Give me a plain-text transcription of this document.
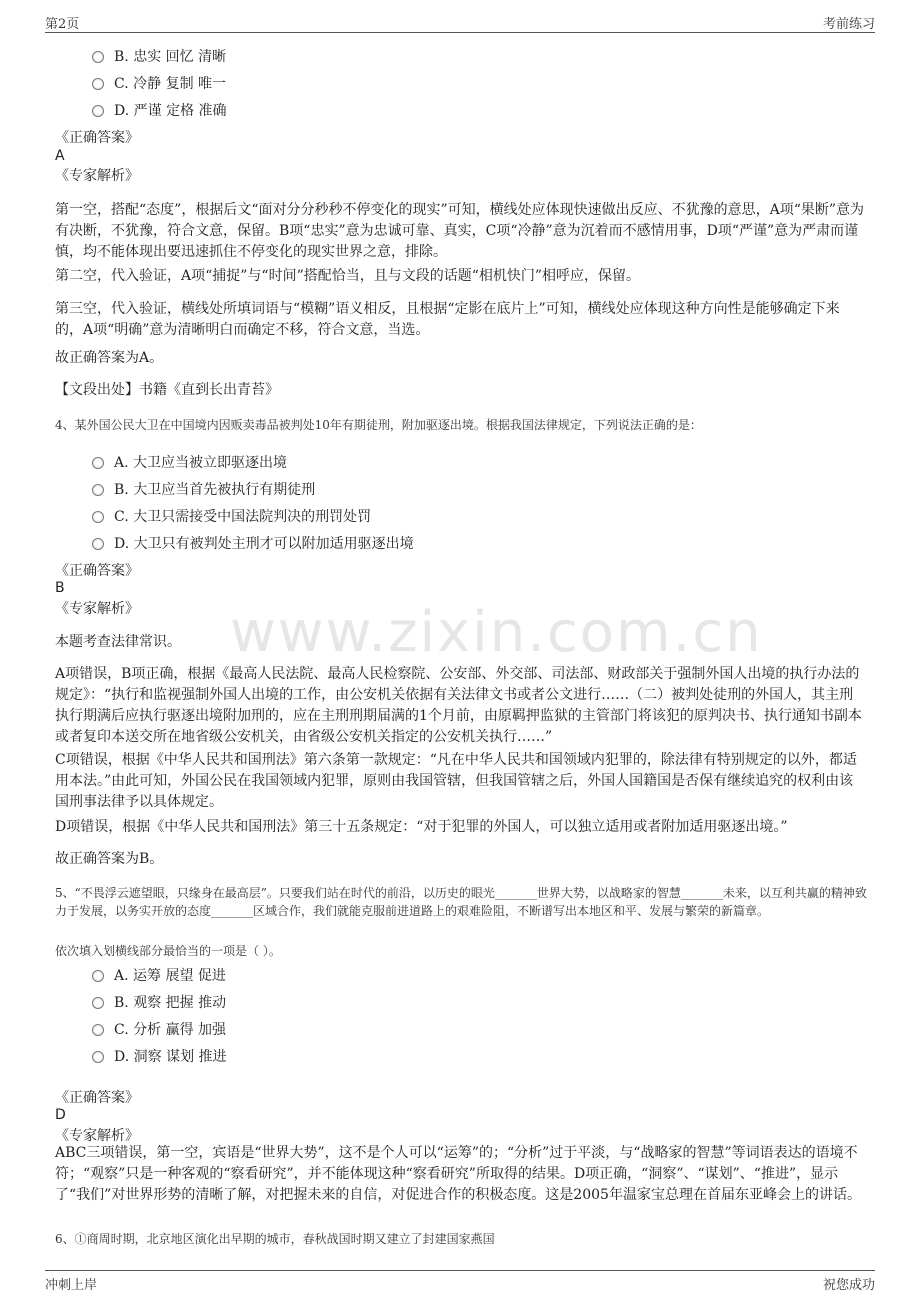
第2页	考前练习
www.zixin.com.cn
B. 忠实 回忆 清晰
C. 冷静 复制 唯一
D. 严谨 定格 准确
《正确答案》
A
《专家解析》
第一空，搭配“态度”，根据后文“面对分分秒秒不停变化的现实”可知，横线处应体现快速做出反应、不犹豫的意思，A项“果断”意为有决断，不犹豫，符合文意，保留。B项“忠实”意为忠诚可靠、真实，C项“冷静”意为沉着而不感情用事，D项“严谨”意为严肃而谨慎，均不能体现出要迅速抓住不停变化的现实世界之意，排除。
第二空，代入验证，A项“捕捉”与“时间”搭配恰当，且与文段的话题“相机快门”相呼应，保留。
第三空，代入验证，横线处所填词语与“模糊”语义相反，且根据“定影在底片上”可知，横线处应体现这种方向性是能够确定下来的，A项“明确”意为清晰明白而确定不移，符合文意，当选。
故正确答案为A。
【文段出处】书籍《直到长出青苔》
4、某外国公民大卫在中国境内因贩卖毒品被判处10年有期徒刑，附加驱逐出境。根据我国法律规定，下列说法正确的是：
A. 大卫应当被立即驱逐出境
B. 大卫应当首先被执行有期徒刑
C. 大卫只需接受中国法院判决的刑罚处罚
D. 大卫只有被判处主刑才可以附加适用驱逐出境
《正确答案》
B
《专家解析》
本题考查法律常识。
A项错误，B项正确，根据《最高人民法院、最高人民检察院、公安部、外交部、司法部、财政部关于强制外国人出境的执行办法的规定》：“执行和监视强制外国人出境的工作，由公安机关依据有关法律文书或者公文进行……（二）被判处徒刑的外国人，其主刑执行期满后应执行驱逐出境附加刑的，应在主刑刑期届满的1个月前，由原羁押监狱的主管部门将该犯的原判决书、执行通知书副本或者复印本送交所在地省级公安机关，由省级公安机关指定的公安机关执行……”
C项错误，根据《中华人民共和国刑法》第六条第一款规定：“凡在中华人民共和国领域内犯罪的，除法律有特别规定的以外，都适用本法。”由此可知，外国公民在我国领域内犯罪，原则由我国管辖，但我国管辖之后，外国人国籍国是否保有继续追究的权利由该国刑事法律予以具体规定。
D项错误，根据《中华人民共和国刑法》第三十五条规定：“对于犯罪的外国人，可以独立适用或者附加适用驱逐出境。”
故正确答案为B。
5、“不畏浮云遮望眼，只缘身在最高层”。只要我们站在时代的前沿，以历史的眼光_______世界大势，以战略家的智慧_______未来，以互利共赢的精神致力于发展，以务实开放的态度_______区域合作，我们就能克服前进道路上的艰难险阻，不断谱写出本地区和平、发展与繁荣的新篇章。
依次填入划横线部分最恰当的一项是（ ）。
A. 运筹 展望 促进
B. 观察 把握 推动
C. 分析 赢得 加强
D. 洞察 谋划 推进
《正确答案》
D
《专家解析》
ABC三项错误，第一空，宾语是“世界大势”，这不是个人可以“运筹”的；“分析”过于平淡，与“战略家的智慧”等词语表达的语境不符；“观察”只是一种客观的“察看研究”，并不能体现这种“察看研究”所取得的结果。D项正确，“洞察”、“谋划”、“推进”，显示了“我们”对世界形势的清晰了解，对把握未来的自信，对促进合作的积极态度。这是2005年温家宝总理在首届东亚峰会上的讲话。
6、①商周时期，北京地区演化出早期的城市，春秋战国时期又建立了封建国家燕国
冲刺上岸	祝您成功
